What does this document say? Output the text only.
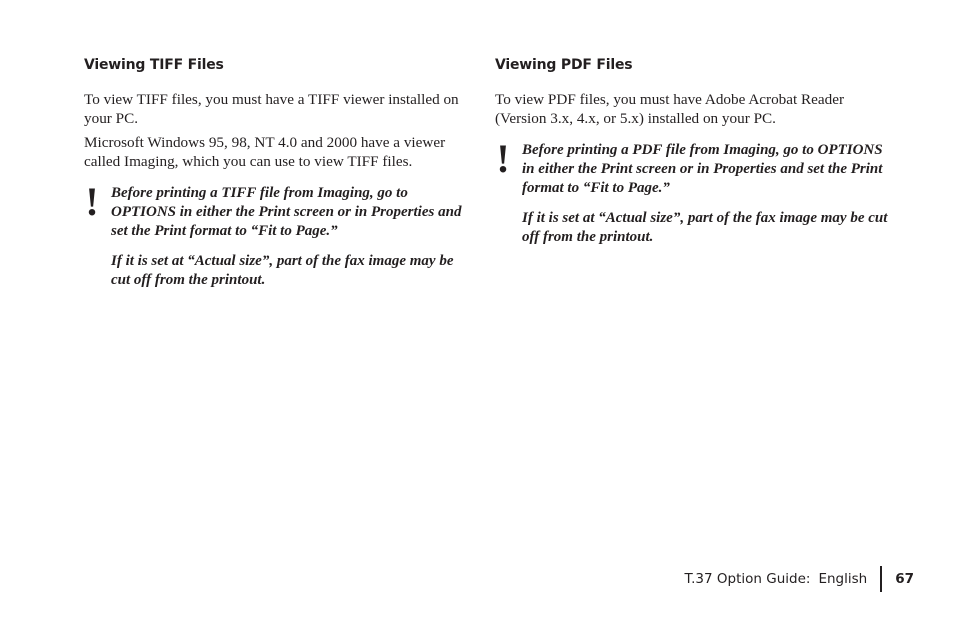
Viewing TIFF Files

To view TIFF files, you must have a TIFF viewer installed on your PC.

Microsoft Windows 95, 98, NT 4.0 and 2000 have a viewer called Imaging, which you can use to view TIFF files.

! Before printing a TIFF file from Imaging, go to OPTIONS in either the Print screen or in Properties and set the Print format to “Fit to Page.”

If it is set at “Actual size”, part of the fax image may be cut off from the printout.

Viewing PDF Files

To view PDF files, you must have Adobe Acrobat Reader (Version 3.x, 4.x, or 5.x) installed on your PC.

! Before printing a PDF file from Imaging, go to OPTIONS in either the Print screen or in Properties and set the Print format to “Fit to Page.”

If it is set at “Actual size”, part of the fax image may be cut off from the printout.

T.37 Option Guide: English 67
